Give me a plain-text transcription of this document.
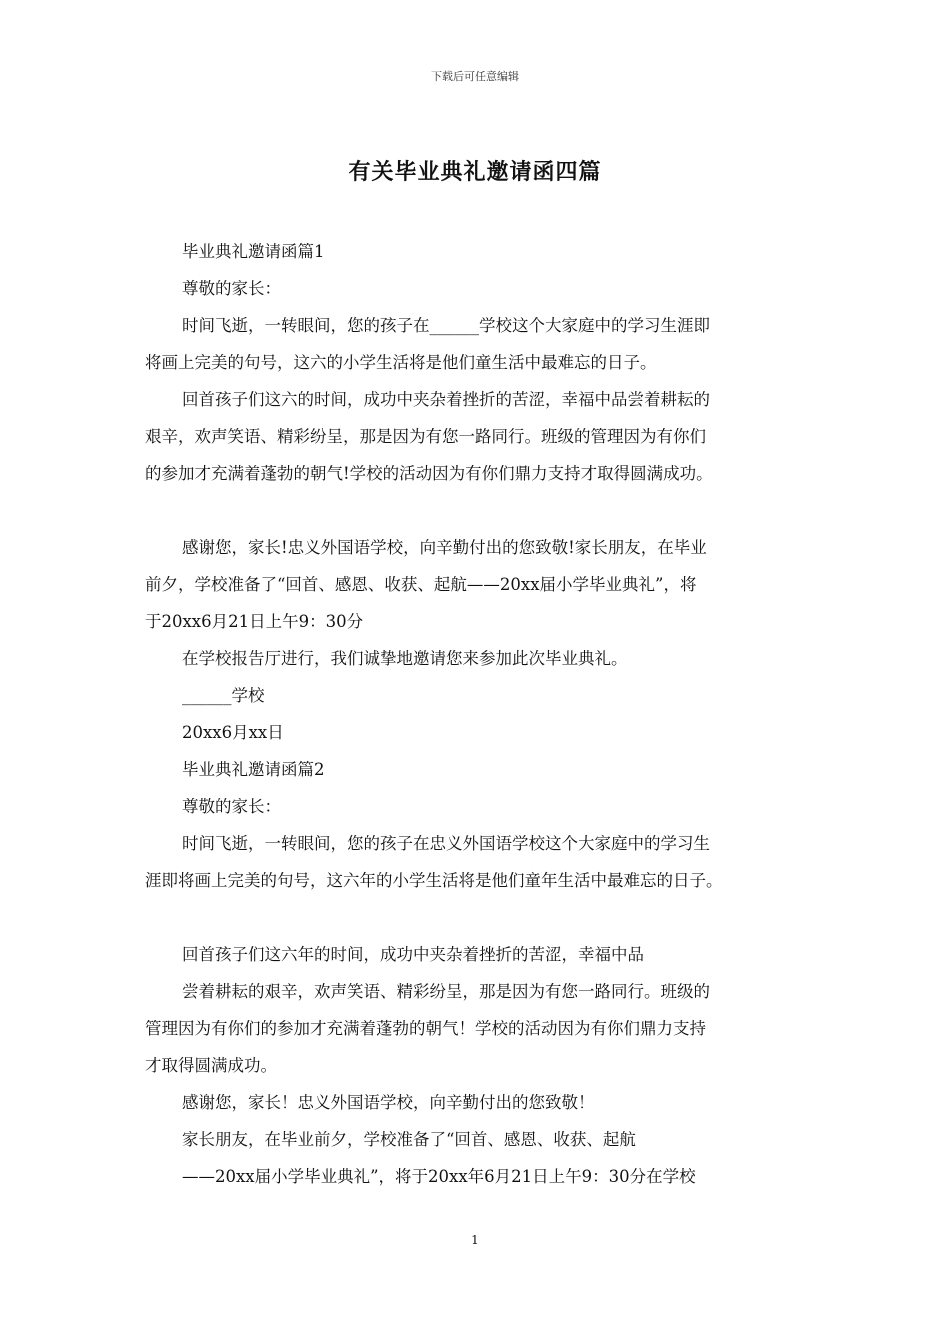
下载后可任意编辑
有关毕业典礼邀请函四篇

毕业典礼邀请函篇1

尊敬的家长：

时间飞逝，一转眼间，您的孩子在______学校这个大家庭中的学习生涯即

将画上完美的句号，这六的小学生活将是他们童生活中最难忘的日子。

回首孩子们这六的时间，成功中夹杂着挫折的苦涩，幸福中品尝着耕耘的

艰辛，欢声笑语、精彩纷呈，那是因为有您一路同行。班级的管理因为有你们

的参加才充满着蓬勃的朝气!学校的活动因为有你们鼎力支持才取得圆满成功。

感谢您，家长!忠义外国语学校，向辛勤付出的您致敬!家长朋友，在毕业

前夕，学校准备了“回首、感恩、收获、起航——20xx届小学毕业典礼”，将

于20xx6月21日上午9：30分

在学校报告厅进行，我们诚挚地邀请您来参加此次毕业典礼。

______学校

20xx6月xx日

毕业典礼邀请函篇2

尊敬的家长：

时间飞逝，一转眼间，您的孩子在忠义外国语学校这个大家庭中的学习生

涯即将画上完美的句号，这六年的小学生活将是他们童年生活中最难忘的日子。

回首孩子们这六年的时间，成功中夹杂着挫折的苦涩，幸福中品

尝着耕耘的艰辛，欢声笑语、精彩纷呈，那是因为有您一路同行。班级的

管理因为有你们的参加才充满着蓬勃的朝气！学校的活动因为有你们鼎力支持

才取得圆满成功。

感谢您，家长！忠义外国语学校，向辛勤付出的您致敬！

家长朋友，在毕业前夕，学校准备了“回首、感恩、收获、起航

——20xx届小学毕业典礼”，将于20xx年6月21日上午9：30分在学校

1
